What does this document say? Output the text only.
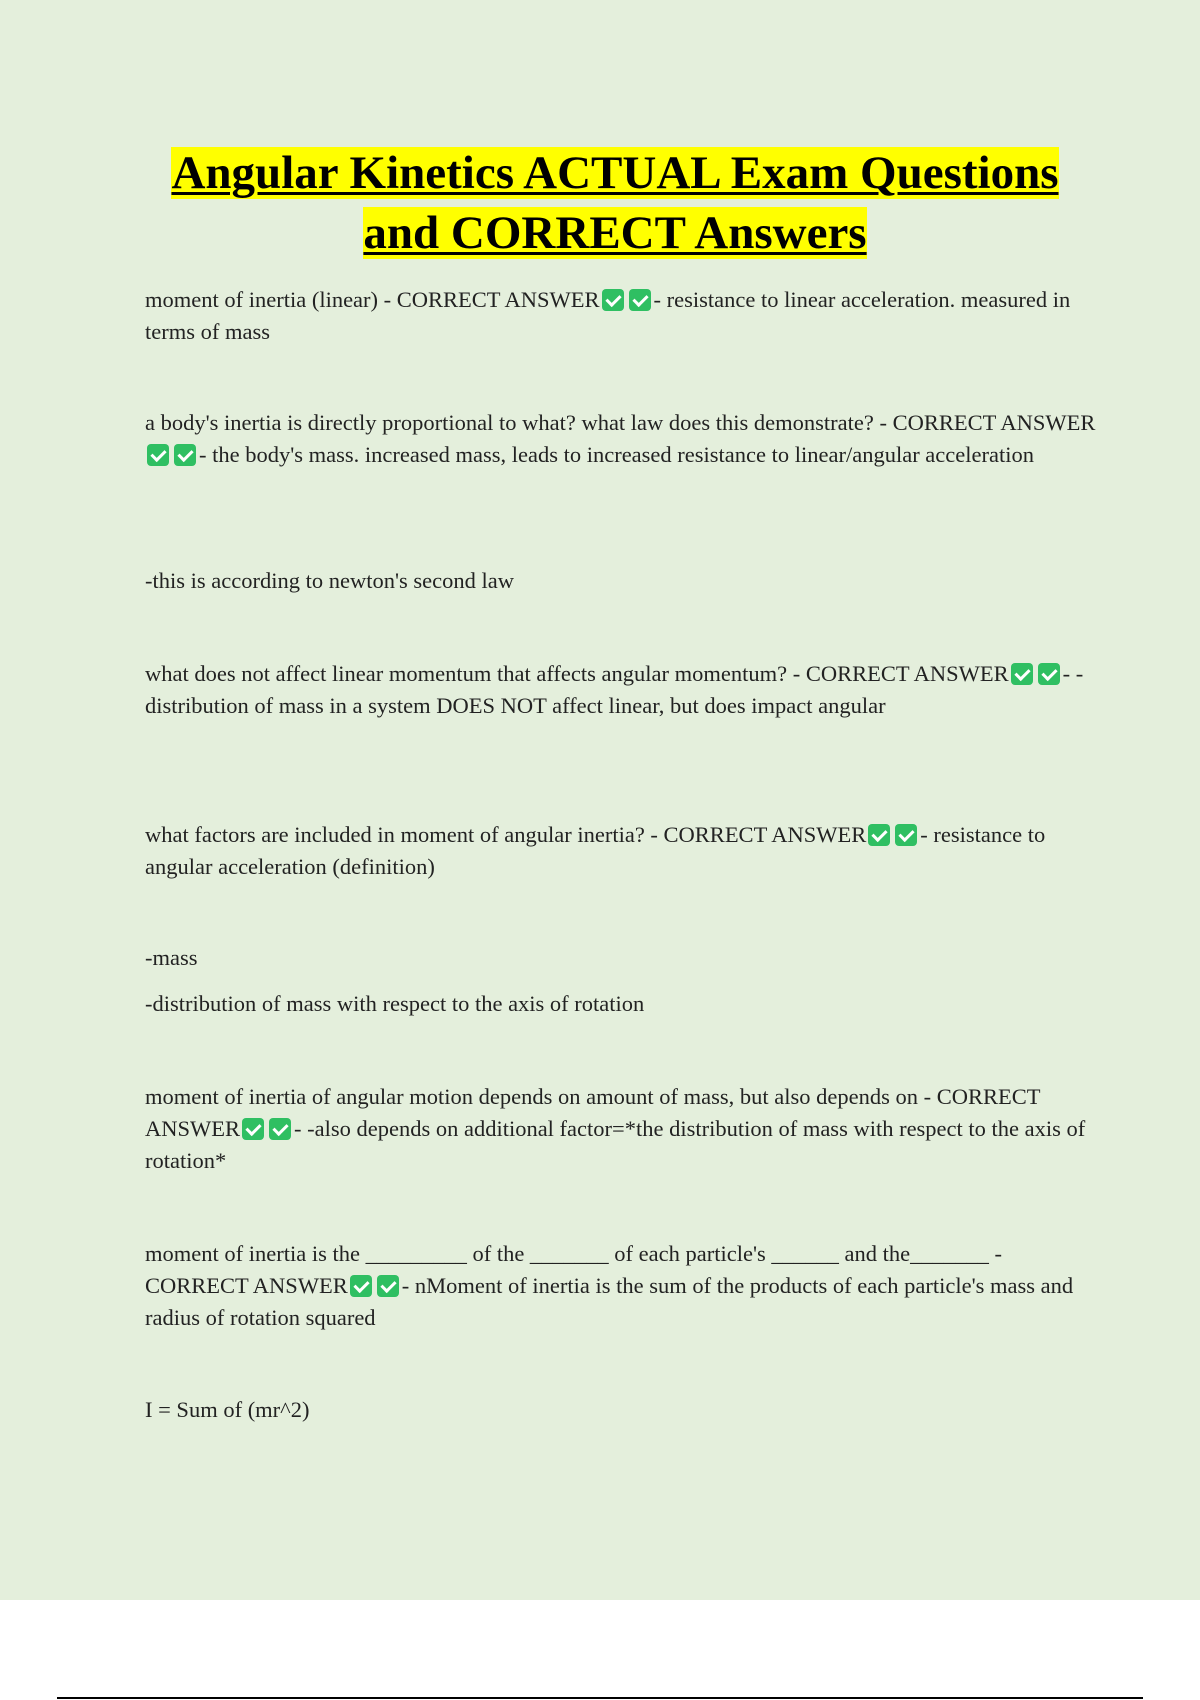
Angular Kinetics ACTUAL Exam Questions
and CORRECT Answers
moment of inertia (linear) - CORRECT ANSWER - resistance to linear acceleration. measured in terms of mass
a body's inertia is directly proportional to what? what law does this demonstrate? - CORRECT ANSWER- the body's mass. increased mass, leads to increased resistance to linear/angular acceleration
-this is according to newton's second law
what does not affect linear momentum that affects angular momentum? - CORRECT ANSWER - -distribution of mass in a system DOES NOT affect linear, but does impact angular
what factors are included in moment of angular inertia? - CORRECT ANSWER - resistance to angular acceleration (definition)
-mass
-distribution of mass with respect to the axis of rotation
moment of inertia of angular motion depends on amount of mass, but also depends on - CORRECT ANSWER - -also depends on additional factor=*the distribution of mass with respect to the axis of rotation*
moment of inertia is the _________ of the _______ of each particle's ______ and the_______ - CORRECT ANSWER - nMoment of inertia is the sum of the products of each particle's mass and radius of rotation squared
I = Sum of (mr^2)
